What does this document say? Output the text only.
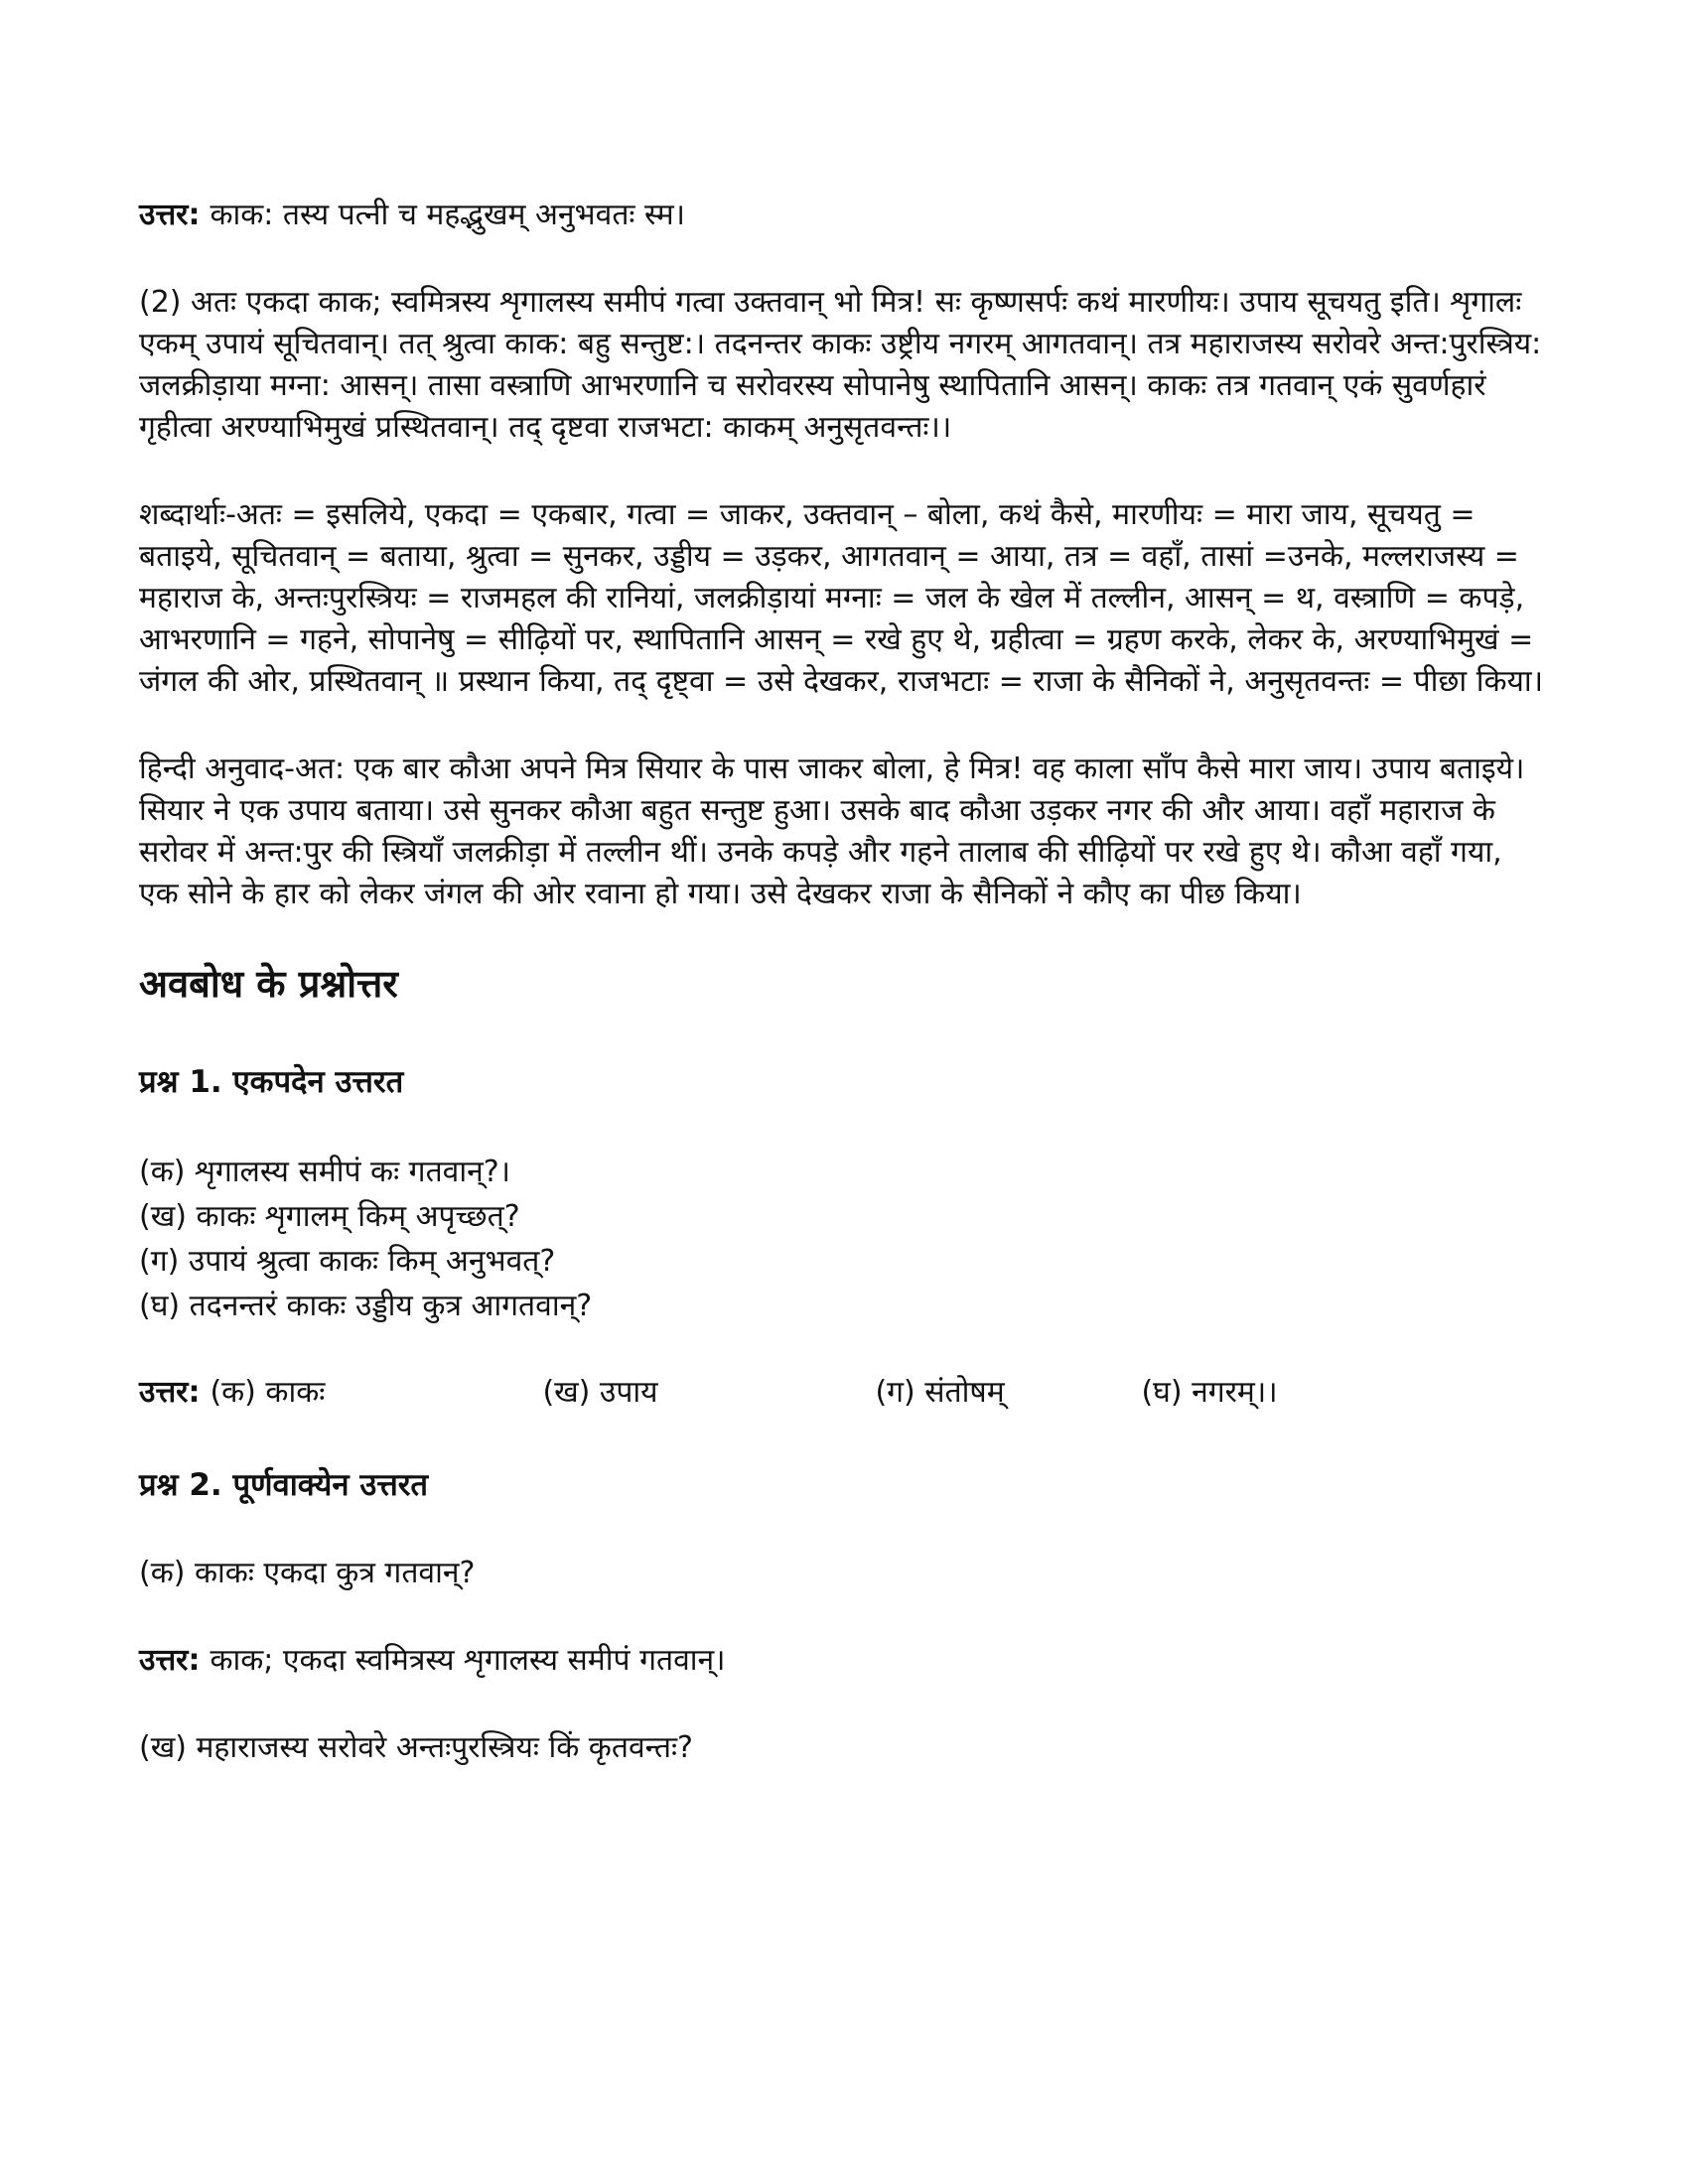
उत्तर: काक: तस्य पत्नी च महद्भुखम् अनुभवतः स्म।

(2) अतः एकदा काक; स्वमित्रस्य शृगालस्य समीपं गत्वा उक्तवान् भो मित्र! सः कृष्णसर्पः कथं मारणीयः। उपाय सूचयतु इति। शृगालः एकम् उपायं सूचितवान्। तत् श्रुत्वा काक: बहु सन्तुष्ट:। तदनन्तर काकः उष्ट्रीय नगरम् आगतवान्। तत्र महाराजस्य सरोवरे अन्त:पुरस्त्रिय: जलक्रीड़ाया मग्ना: आसन्। तासा वस्त्राणि आभरणानि च सरोवरस्य सोपानेषु स्थापितानि आसन्। काकः तत्र गतवान् एकं सुवर्णहारं गृहीत्वा अरण्याभिमुखं प्रस्थितवान्। तद् दृष्टवा राजभटा: काकम् अनुसृतवन्तः।।

शब्दार्थाः-अतः = इसलिये, एकदा = एकबार, गत्वा = जाकर, उक्तवान् – बोला, कथं कैसे, मारणीयः = मारा जाय, सूचयतु = बताइये, सूचितवान् = बताया, श्रुत्वा = सुनकर, उड्डीय = उड़कर, आगतवान् = आया, तत्र = वहाँ, तासां =उनके, मल्लराजस्य = महाराज के, अन्तःपुरस्त्रियः = राजमहल की रानियां, जलक्रीड़ायां मग्नाः = जल के खेल में तल्लीन, आसन् = थ, वस्त्राणि = कपड़े, आभरणानि = गहने, सोपानेषु = सीढ़ियों पर, स्थापितानि आसन् = रखे हुए थे, ग्रहीत्वा = ग्रहण करके, लेकर के, अरण्याभिमुखं = जंगल की ओर, प्रस्थितवान् ॥ प्रस्थान किया, तद् दृष्ट्वा = उसे देखकर, राजभटाः = राजा के सैनिकों ने, अनुसृतवन्तः = पीछा किया।

हिन्दी अनुवाद-अत: एक बार कौआ अपने मित्र सियार के पास जाकर बोला, हे मित्र! वह काला साँप कैसे मारा जाय। उपाय बताइये। सियार ने एक उपाय बताया। उसे सुनकर कौआ बहुत सन्तुष्ट हुआ। उसके बाद कौआ उड़कर नगर की और आया। वहाँ महाराज के सरोवर में अन्त:पुर की स्त्रियाँ जलक्रीड़ा में तल्लीन थीं। उनके कपड़े और गहने तालाब की सीढ़ियों पर रखे हुए थे। कौआ वहाँ गया, एक सोने के हार को लेकर जंगल की ओर रवाना हो गया। उसे देखकर राजा के सैनिकों ने कौए का पीछ किया।

अवबोध के प्रश्नोत्तर
प्रश्न 1. एकपदेन उत्तरत

(क) शृगालस्य समीपं कः गतवान्?।

(ख) काकः शृगालम् किम् अपृच्छत्?

(ग) उपायं श्रुत्वा काकः किम् अनुभवत्?

(घ) तदनन्तरं काकः उड्डीय कुत्र आगतवान्?

उत्तर: (क) काकः	(ख) उपाय	(ग) संतोषम्	(घ) नगरम्।।

प्रश्न 2. पूर्णवाक्येन उत्तरत

(क) काकः एकदा कुत्र गतवान्?

उत्तर: काक; एकदा स्वमित्रस्य शृगालस्य समीपं गतवान्।

(ख) महाराजस्य सरोवरे अन्तःपुरस्त्रियः किं कृतवन्तः?
